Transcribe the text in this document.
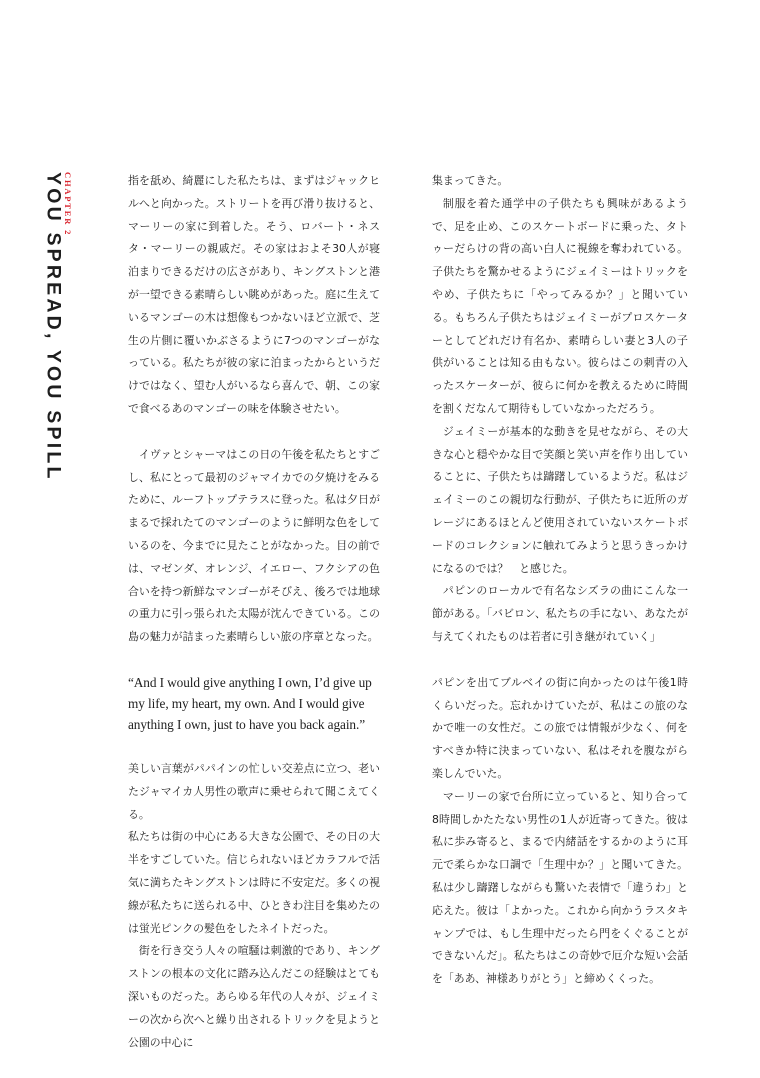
CHAPTER 2
YOU SPREAD, YOU SPILL	指を舐め、綺麗にした私たちは、まずはジャックヒルへと向かった。ストリートを再び滑り抜けると、マーリーの家に到着した。そう、ロバート・ネスタ・マーリーの親戚だ。その家はおよそ30人が寝泊まりできるだけの広さがあり、キングストンと港が一望できる素晴らしい眺めがあった。庭に生えているマンゴーの木は想像もつかないほど立派で、芝生の片側に覆いかぶさるように7つのマンゴーがなっている。私たちが彼の家に泊まったからというだけではなく、望む人がいるなら喜んで、朝、この家で食べるあのマンゴーの味を体験させたい。

イヴァとシャーマはこの日の午後を私たちとすごし、私にとって最初のジャマイカでの夕焼けをみるために、ルーフトップテラスに登った。私は夕日がまるで採れたてのマンゴーのように鮮明な色をしているのを、今までに見たことがなかった。目の前では、マゼンダ、オレンジ、イエロー、フクシアの色合いを持つ新鮮なマンゴーがそびえ、後ろでは地球の重力に引っ張られた太陽が沈んできている。この島の魅力が詰まった素晴らしい旅の序章となった。

“And I would give anything I own, I’d give up my life, my heart, my own. And I would give anything I own, just to have you back again.”

美しい言葉がパパインの忙しい交差点に立つ、老いたジャマイカ人男性の歌声に乗せられて聞こえてくる。

私たちは街の中心にある大きな公園で、その日の大半をすごしていた。信じられないほどカラフルで活気に満ちたキングストンは時に不安定だ。多くの視線が私たちに送られる中、ひときわ注目を集めたのは蛍光ピンクの髪色をしたネイトだった。

街を行き交う人々の喧騒は刺激的であり、キングストンの根本の文化に踏み込んだこの経験はとても深いものだった。あらゆる年代の人々が、ジェイミーの次から次へと繰り出されるトリックを見ようと公園の中心に

集まってきた。

制服を着た通学中の子供たちも興味があるようで、足を止め、このスケートボードに乗った、タトゥーだらけの背の高い白人に視線を奪われている。子供たちを驚かせるようにジェイミーはトリックをやめ、子供たちに「やってみるか？」と聞いている。もちろん子供たちはジェイミーがプロスケーターとしてどれだけ有名か、素晴らしい妻と3人の子供がいることは知る由もない。彼らはこの刺青の入ったスケーターが、彼らに何かを教えるために時間を割くだなんて期待もしていなかっただろう。

ジェイミーが基本的な動きを見せながら、その大きな心と穏やかな目で笑顔と笑い声を作り出していることに、子供たちは躊躇しているようだ。私はジェイミーのこの親切な行動が、子供たちに近所のガレージにあるほとんど使用されていないスケートボードのコレクションに触れてみようと思うきっかけになるのでは？　と感じた。

パピンのローカルで有名なシズラの曲にこんな一節がある。「バビロン、私たちの手にない、あなたが与えてくれたものは若者に引き継がれていく」

パピンを出てブルベイの街に向かったのは午後1時くらいだった。忘れかけていたが、私はこの旅のなかで唯一の女性だ。この旅では情報が少なく、何をすべきか特に決まっていない、私はそれを腹ながら楽しんでいた。

マーリーの家で台所に立っていると、知り合って8時間しかたたない男性の1人が近寄ってきた。彼は私に歩み寄ると、まるで内緒話をするかのように耳元で柔らかな口調で「生理中か？」と聞いてきた。私は少し躊躇しながらも驚いた表情で「違うわ」と応えた。彼は「よかった。これから向かうラスタキャンプでは、もし生理中だったら門をくぐることができないんだ」。私たちはこの奇妙で厄介な短い会話を「ああ、神様ありがとう」と締めくくった。
